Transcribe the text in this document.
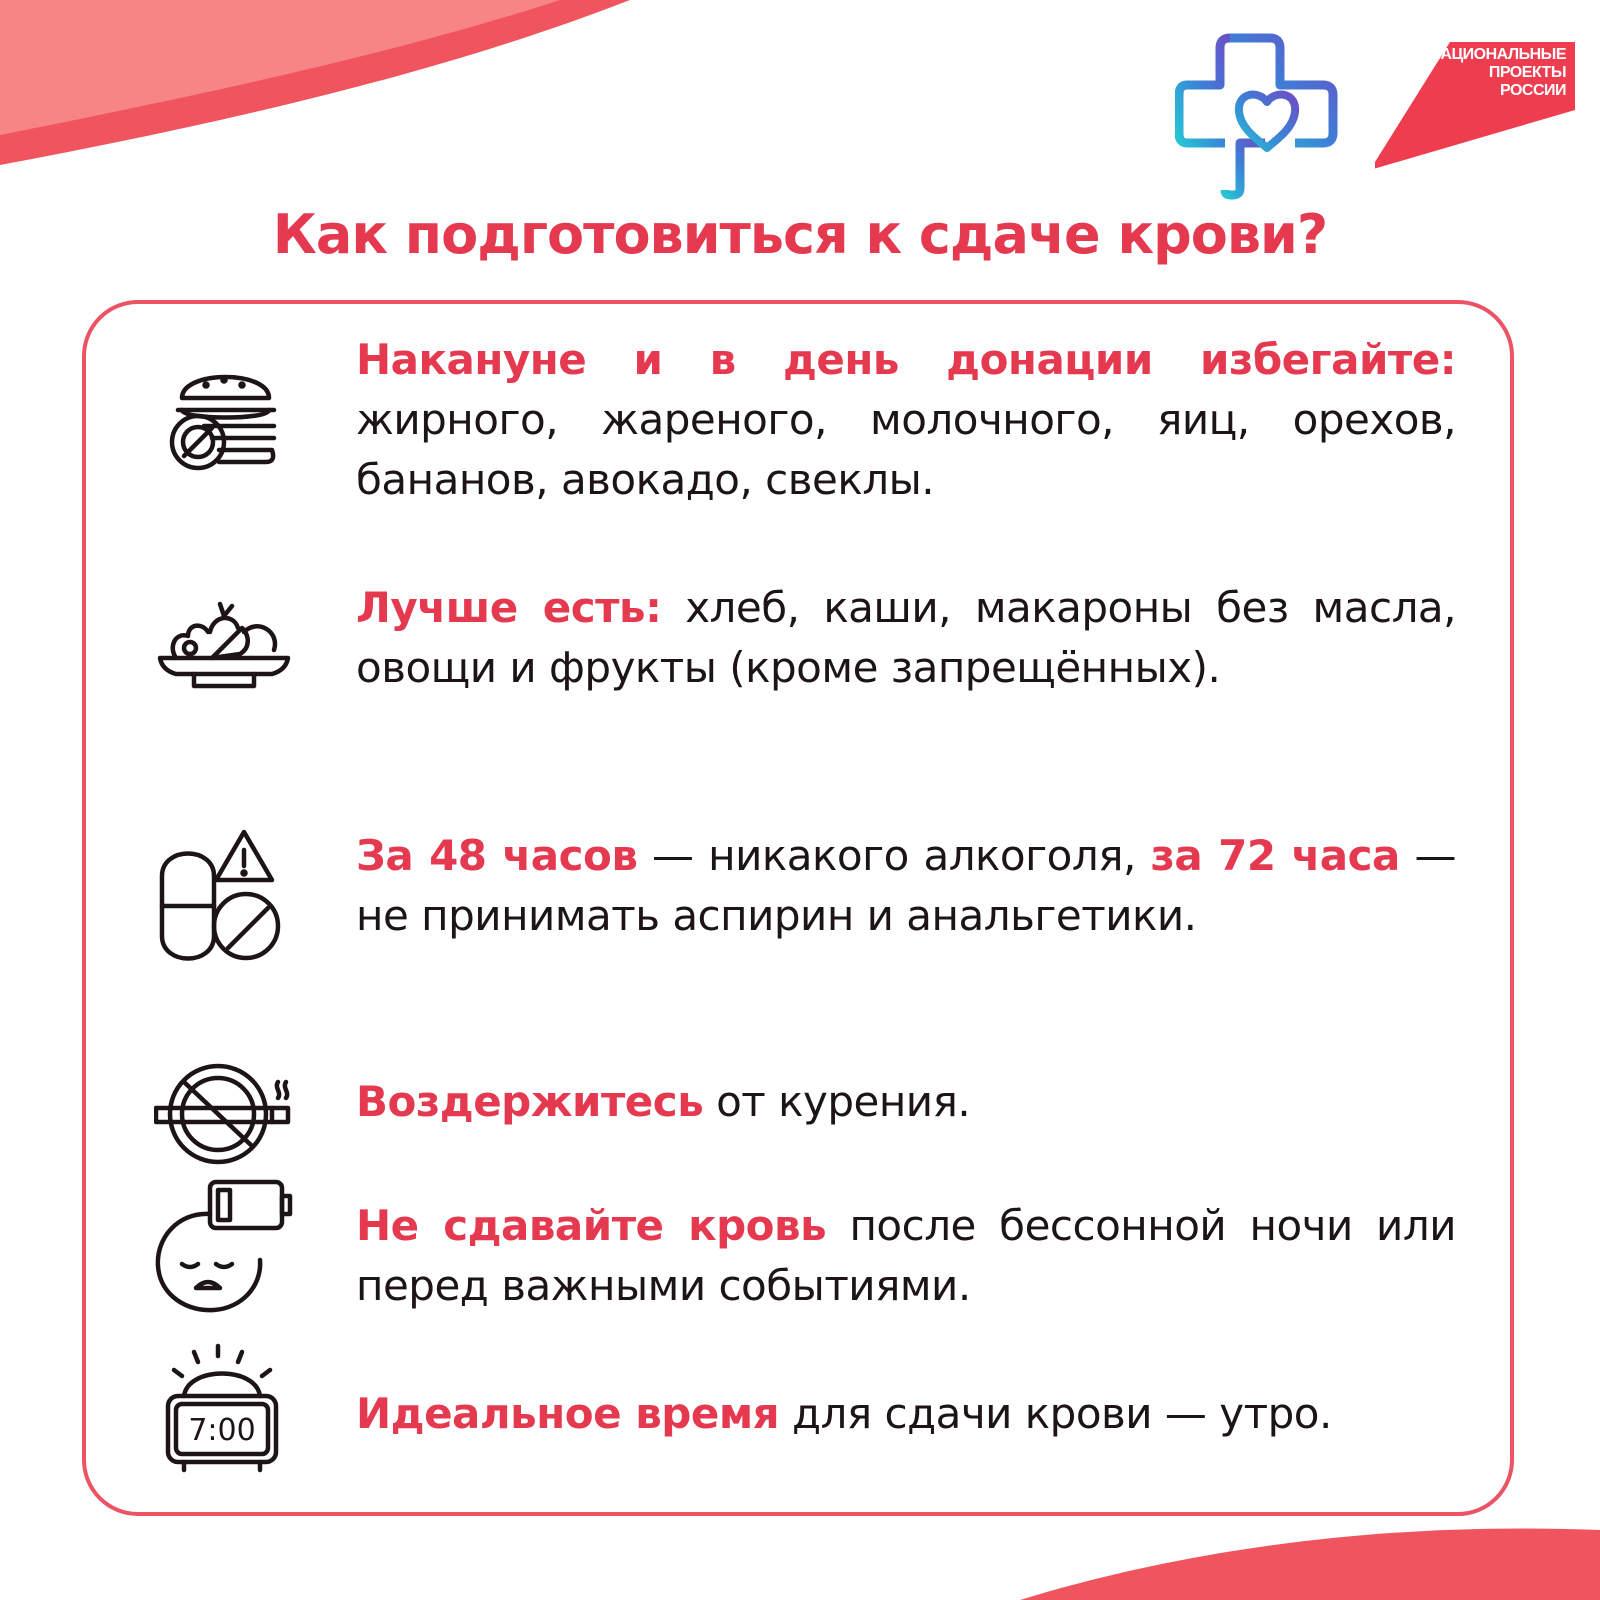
НАЦИОНАЛЬНЫЕ
ПРОЕКТЫ
РОССИИ
Как подготовиться к сдаче крови?
Накануне и в день донации избегайте: жирного, жареного, молочного, яиц, орехов, бананов, авокадо, свеклы.
Лучше есть: хлеб, каши, макароны без масла, овощи и фрукты (кроме запрещённых).
За 48 часов — никакого алкоголя, за 72 часа — не принимать аспирин и анальгетики.
Воздержитесь от курения.
Не сдавайте кровь после бессонной ночи или перед важными событиями.
7:00 Идеальное время для сдачи крови — утро.
